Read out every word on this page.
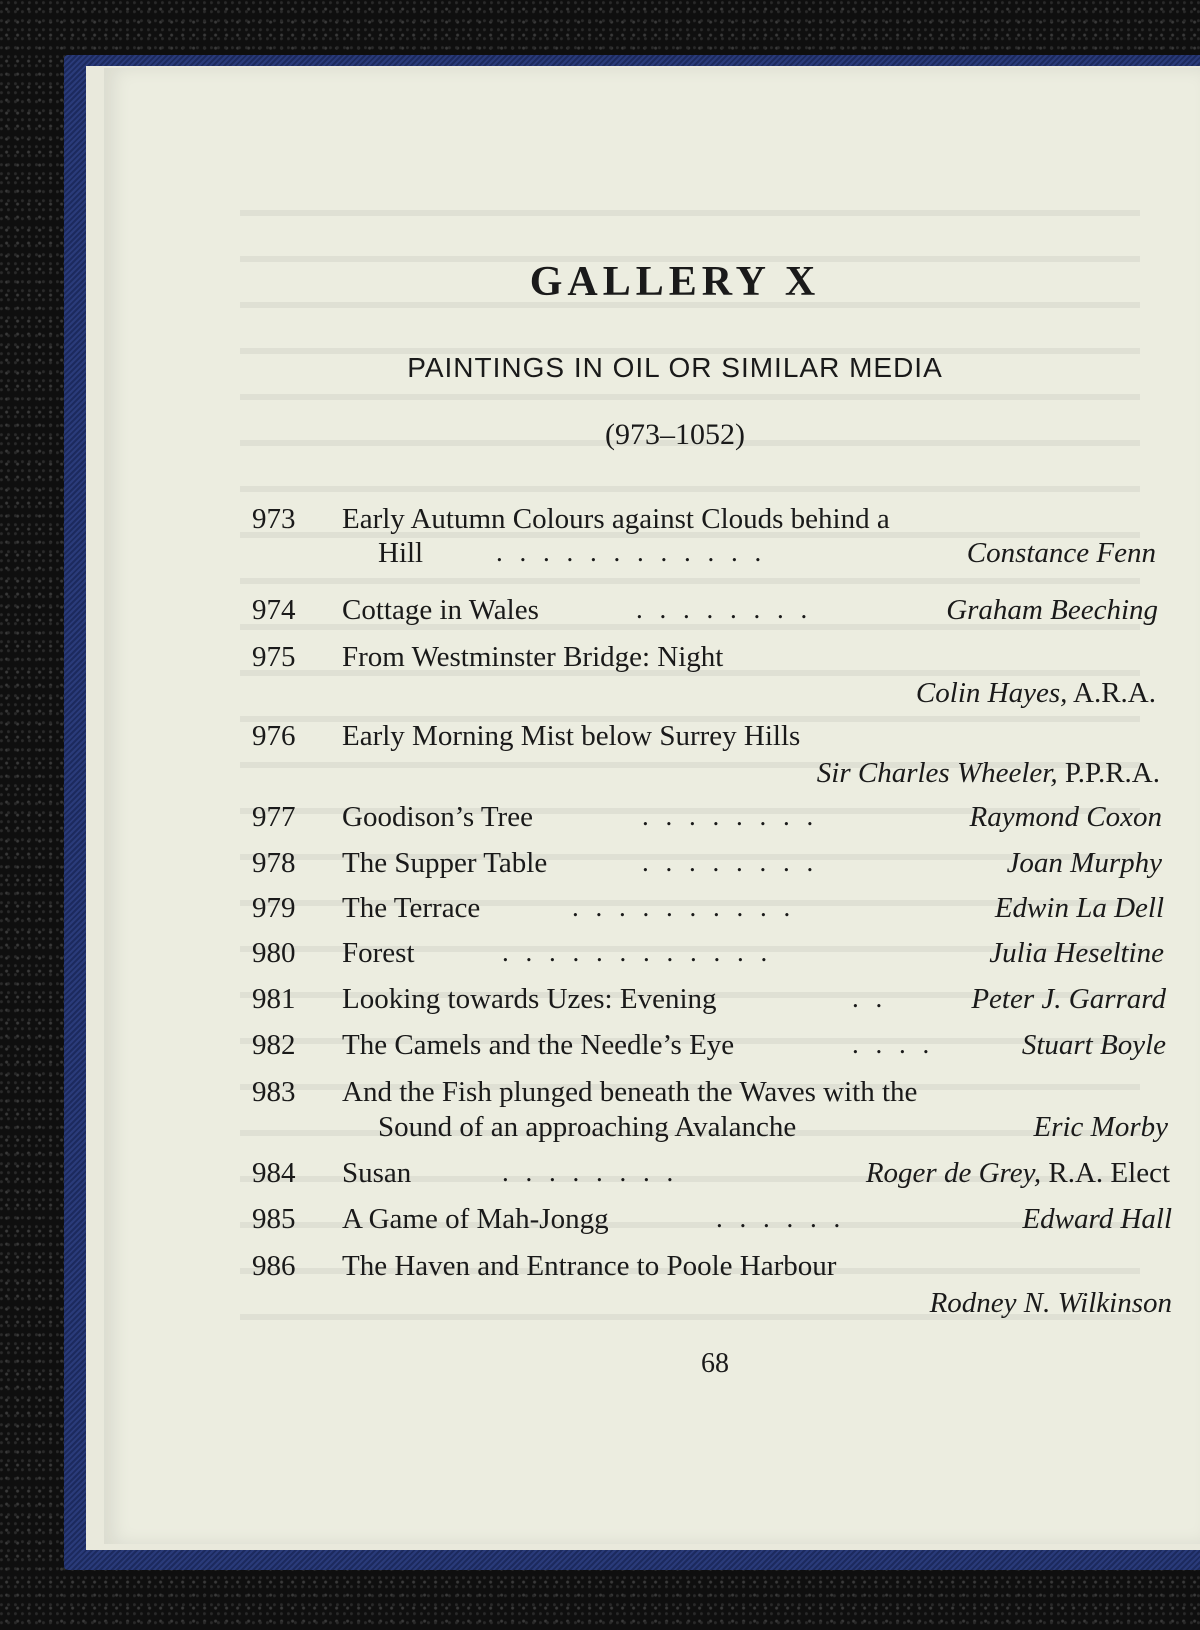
GALLERY X
PAINTINGS IN OIL OR SIMILAR MEDIA
(973–1052)
973 Early Autumn Colours against Clouds behind a
Hill	. . . . . . . . . . . .	Constance Fenn
974 Cottage in Wales	. . . . . . . .	Graham Beeching
975 From Westminster Bridge: Night
Colin Hayes, A.R.A.
976 Early Morning Mist below Surrey Hills
Sir Charles Wheeler, P.P.R.A.
977 Goodison’s Tree	. . . . . . . .	Raymond Coxon
978 The Supper Table	. . . . . . . .	Joan Murphy
979 The Terrace	. . . . . . . . . .	Edwin La Dell
980 Forest	. . . . . . . . . . . .	Julia Heseltine
981 Looking towards Uzes: Evening	. .	Peter J. Garrard
982 The Camels and the Needle’s Eye	. . . .	Stuart Boyle
983 And the Fish plunged beneath the Waves with the
Sound of an approaching Avalanche	Eric Morby
984 Susan	. . . . . . . .	Roger de Grey, R.A. Elect
985 A Game of Mah-Jongg	. . . . . .	Edward Hall
986 The Haven and Entrance to Poole Harbour
Rodney N. Wilkinson
68
